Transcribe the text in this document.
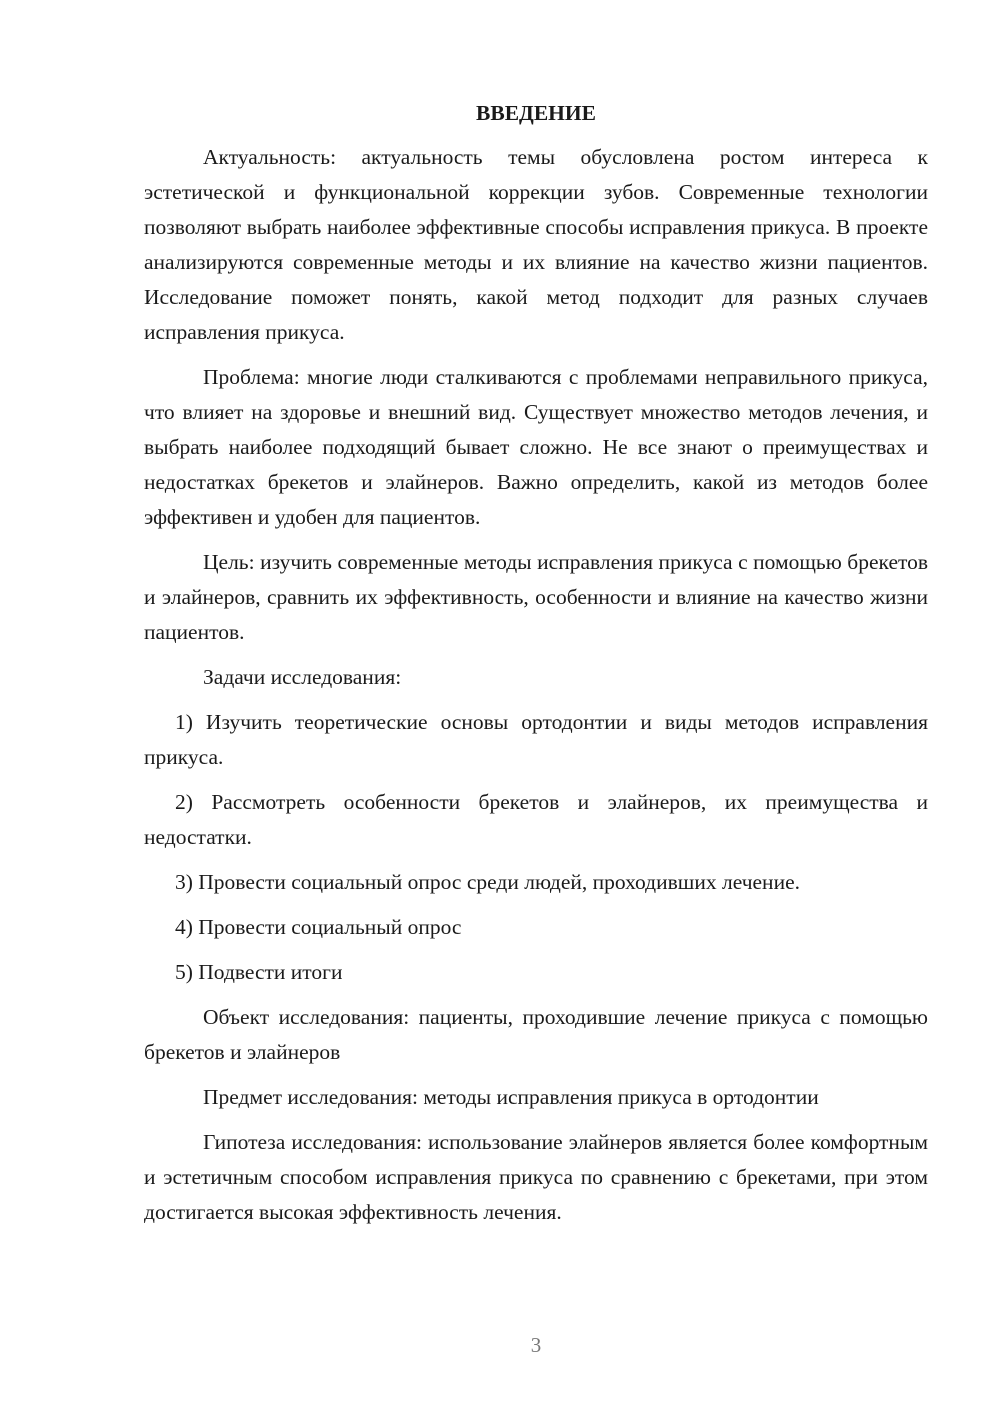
ВВЕДЕНИЕ

Актуальность: актуальность темы обусловлена ростом интереса к эстетической и функциональной коррекции зубов. Современные технологии позволяют выбрать наиболее эффективные способы исправления прикуса. В проекте анализируются современные методы и их влияние на качество жизни пациентов. Исследование поможет понять, какой метод подходит для разных случаев исправления прикуса.

Проблема: многие люди сталкиваются с проблемами неправильного прикуса, что влияет на здоровье и внешний вид. Существует множество методов лечения, и выбрать наиболее подходящий бывает сложно. Не все знают о преимуществах и недостатках брекетов и элайнеров. Важно определить, какой из методов более эффективен и удобен для пациентов.

Цель: изучить современные методы исправления прикуса с помощью брекетов и элайнеров, сравнить их эффективность, особенности и влияние на качество жизни пациентов.

Задачи исследования:

1) Изучить теоретические основы ортодонтии и виды методов исправления прикуса.

2) Рассмотреть особенности брекетов и элайнеров, их преимущества и недостатки.

3) Провести социальный опрос среди людей, проходивших лечение.

4) Провести социальный опрос

5) Подвести итоги

Объект исследования: пациенты, проходившие лечение прикуса с помощью брекетов и элайнеров

Предмет исследования: методы исправления прикуса в ортодонтии

Гипотеза исследования: использование элайнеров является более комфортным и эстетичным способом исправления прикуса по сравнению с брекетами, при этом достигается высокая эффективность лечения.

3
